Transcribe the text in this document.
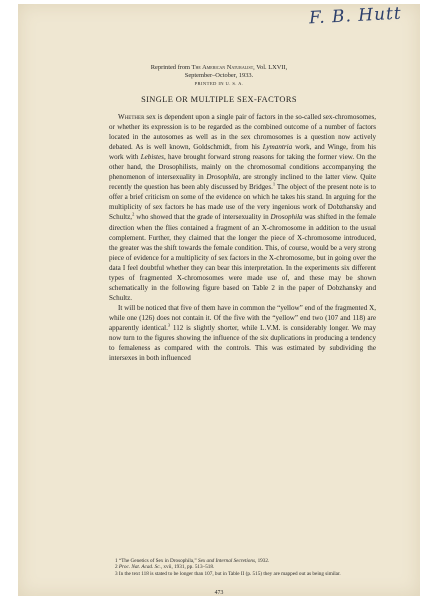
F. B. Hutt
Reprinted from The American Naturalist, Vol. LXVII,
September–October, 1933.
PRINTED IN U. S. A.
SINGLE OR MULTIPLE SEX-FACTORS

Whether sex is dependent upon a single pair of factors in the so-called sex-chromosomes, or whether its expression is to be regarded as the combined outcome of a number of factors located in the autosomes as well as in the sex chromosomes is a question now actively debated. As is well known, Goldschmidt, from his Lymantria work, and Winge, from his work with Lebistes, have brought forward strong reasons for taking the former view. On the other hand, the Drosophilists, mainly on the chromosomal conditions accompanying the phenomenon of intersexuality in Drosophila, are strongly inclined to the latter view. Quite recently the question has been ably discussed by Bridges.$^1$ The object of the present note is to offer a brief criticism on some of the evidence on which he takes his stand. In arguing for the multiplicity of sex factors he has made use of the very ingenious work of Dobzhansky and Schultz,$^2$ who showed that the grade of intersexuality in Drosophila was shifted in the female direction when the flies contained a fragment of an X-chromosome in addition to the usual complement. Further, they claimed that the longer the piece of X-chromosome introduced, the greater was the shift towards the female condition. This, of course, would be a very strong piece of evidence for a multiplicity of sex factors in the X-chromosome, but in going over the data I feel doubtful whether they can bear this interpretation. In the experiments six different types of fragmented X-chromosomes were made use of, and these may be shown schematically in the following figure based on Table 2 in the paper of Dobzhansky and Schultz.

It will be noticed that five of them have in common the “yellow” end of the fragmented X, while one (126) does not contain it. Of the five with the “yellow” end two (107 and 118) are apparently identical.$^3$ 112 is slightly shorter, while L.V.M. is considerably longer. We may now turn to the figures showing the influence of the six duplications in producing a tendency to femaleness as compared with the controls. This was estimated by subdividing the intersexes in both influenced

1 “The Genetics of Sex in Drosophila,” Sex and Internal Secretions, 1932.
2 Proc. Nat. Acad. Sc., xvii, 1931, pp. 513–518.
3 In the text 118 is stated to be longer than 107, but in Table II (p. 515) they are mapped out as being similar.
473
